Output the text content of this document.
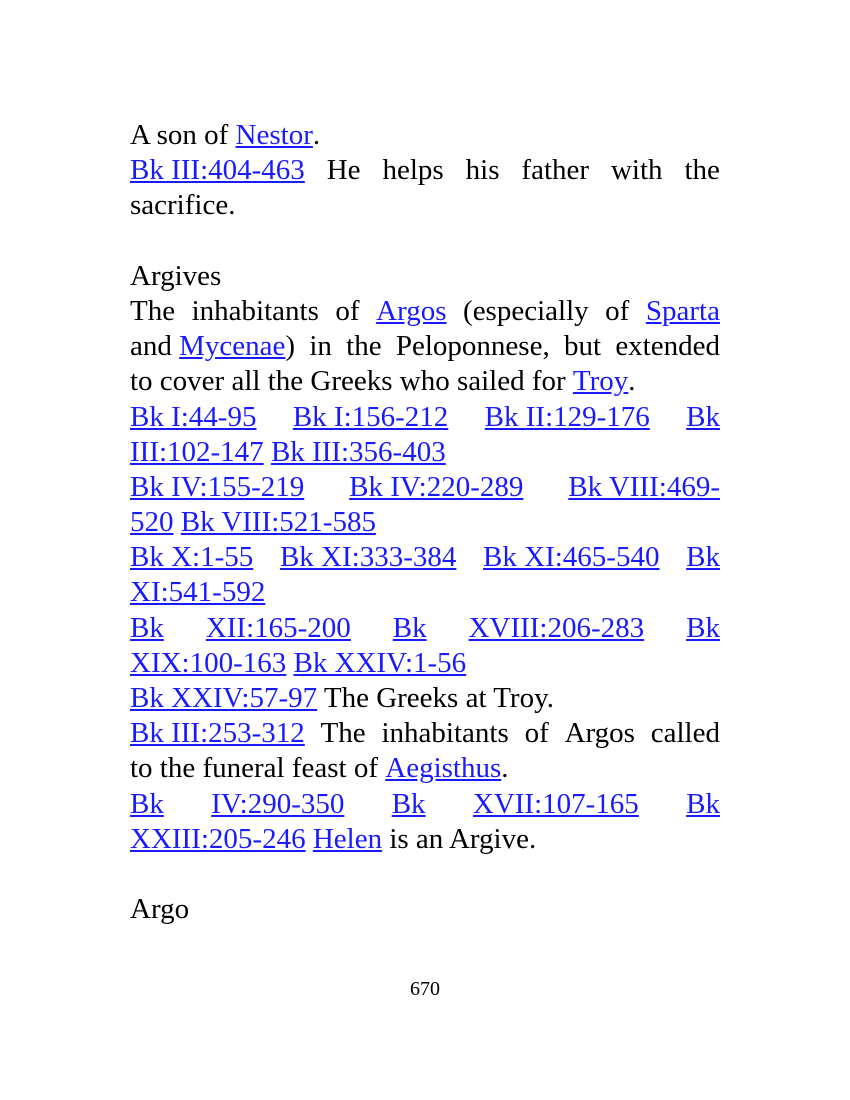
A son of Nestor .
Bk III:404-463 He helps his father with the
sacrifice.
Argives
The inhabitants of Argos (especially of Sparta
and Mycenae) in the Peloponnese, but extended
to cover all the Greeks who sailed for Troy .
Bk I:44-95 Bk I:156-212 Bk II:129-176 Bk
III:102-147
Bk III:356-403
Bk IV:155-219 Bk IV:220-289 Bk VIII:469-
520
Bk VIII:521-585
Bk X:1-55 Bk XI:333-384 Bk XI:465-540 Bk
XI:541-592
Bk XII:165-200 Bk XVIII:206-283 Bk
XIX:100-163
Bk XXIV:1-56
Bk XXIV:57-97 The Greeks at Troy.
Bk III:253-312 The inhabitants of Argos called
to the funeral feast of Aegisthus .
Bk IV:290-350 Bk XVII:107-165 Bk
XXIII:205-246
Helen is an Argive.
Argo
670
